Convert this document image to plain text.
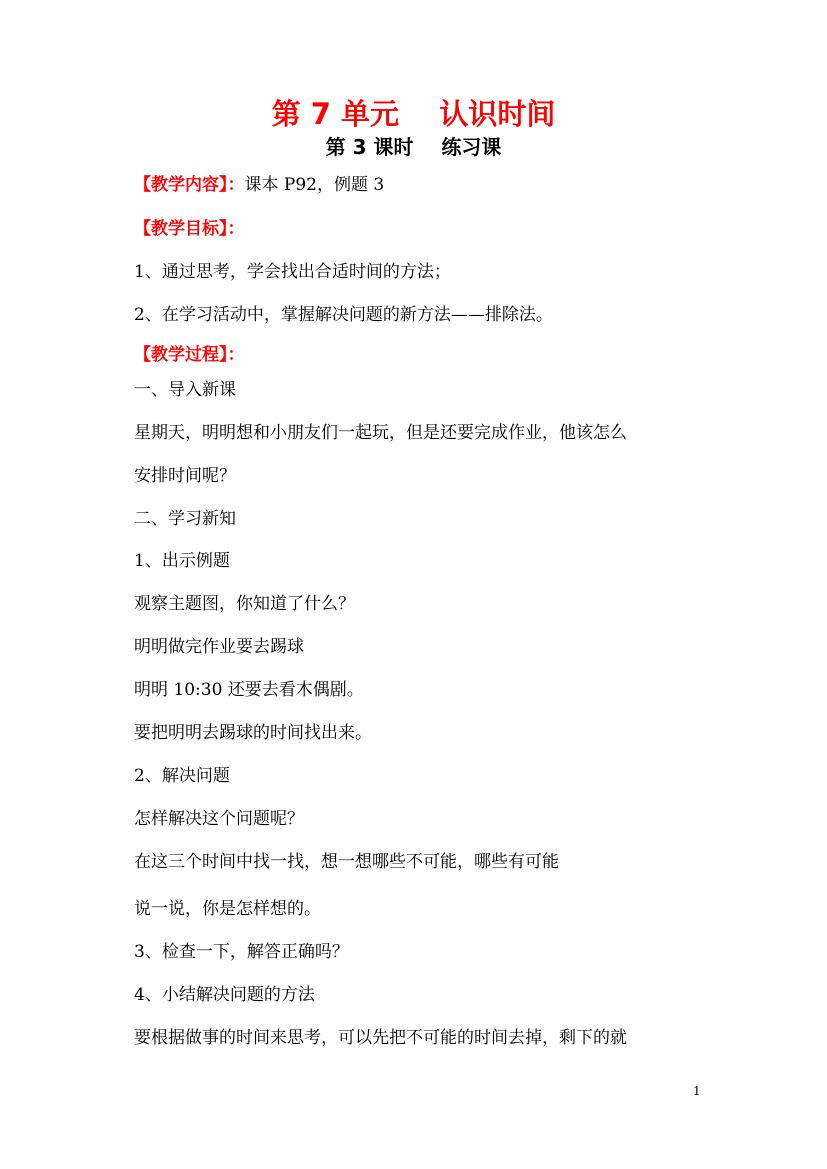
第 7 单元    认识时间
第 3 课时    练习课
【教学内容】：课本 P92，例题 3
【教学目标】：
1、通过思考，学会找出合适时间的方法；
2、在学习活动中，掌握解决问题的新方法——排除法。
【教学过程】：
一、导入新课
星期天，明明想和小朋友们一起玩，但是还要完成作业，他该怎么
安排时间呢？
二、学习新知
1、出示例题
观察主题图，你知道了什么？
明明做完作业要去踢球
明明 10:30 还要去看木偶剧。
要把明明去踢球的时间找出来。
2、解决问题
怎样解决这个问题呢？
在这三个时间中找一找，想一想哪些不可能，哪些有可能
说一说，你是怎样想的。
3、检查一下，解答正确吗？
4、小结解决问题的方法
要根据做事的时间来思考，可以先把不可能的时间去掉，剩下的就
1
